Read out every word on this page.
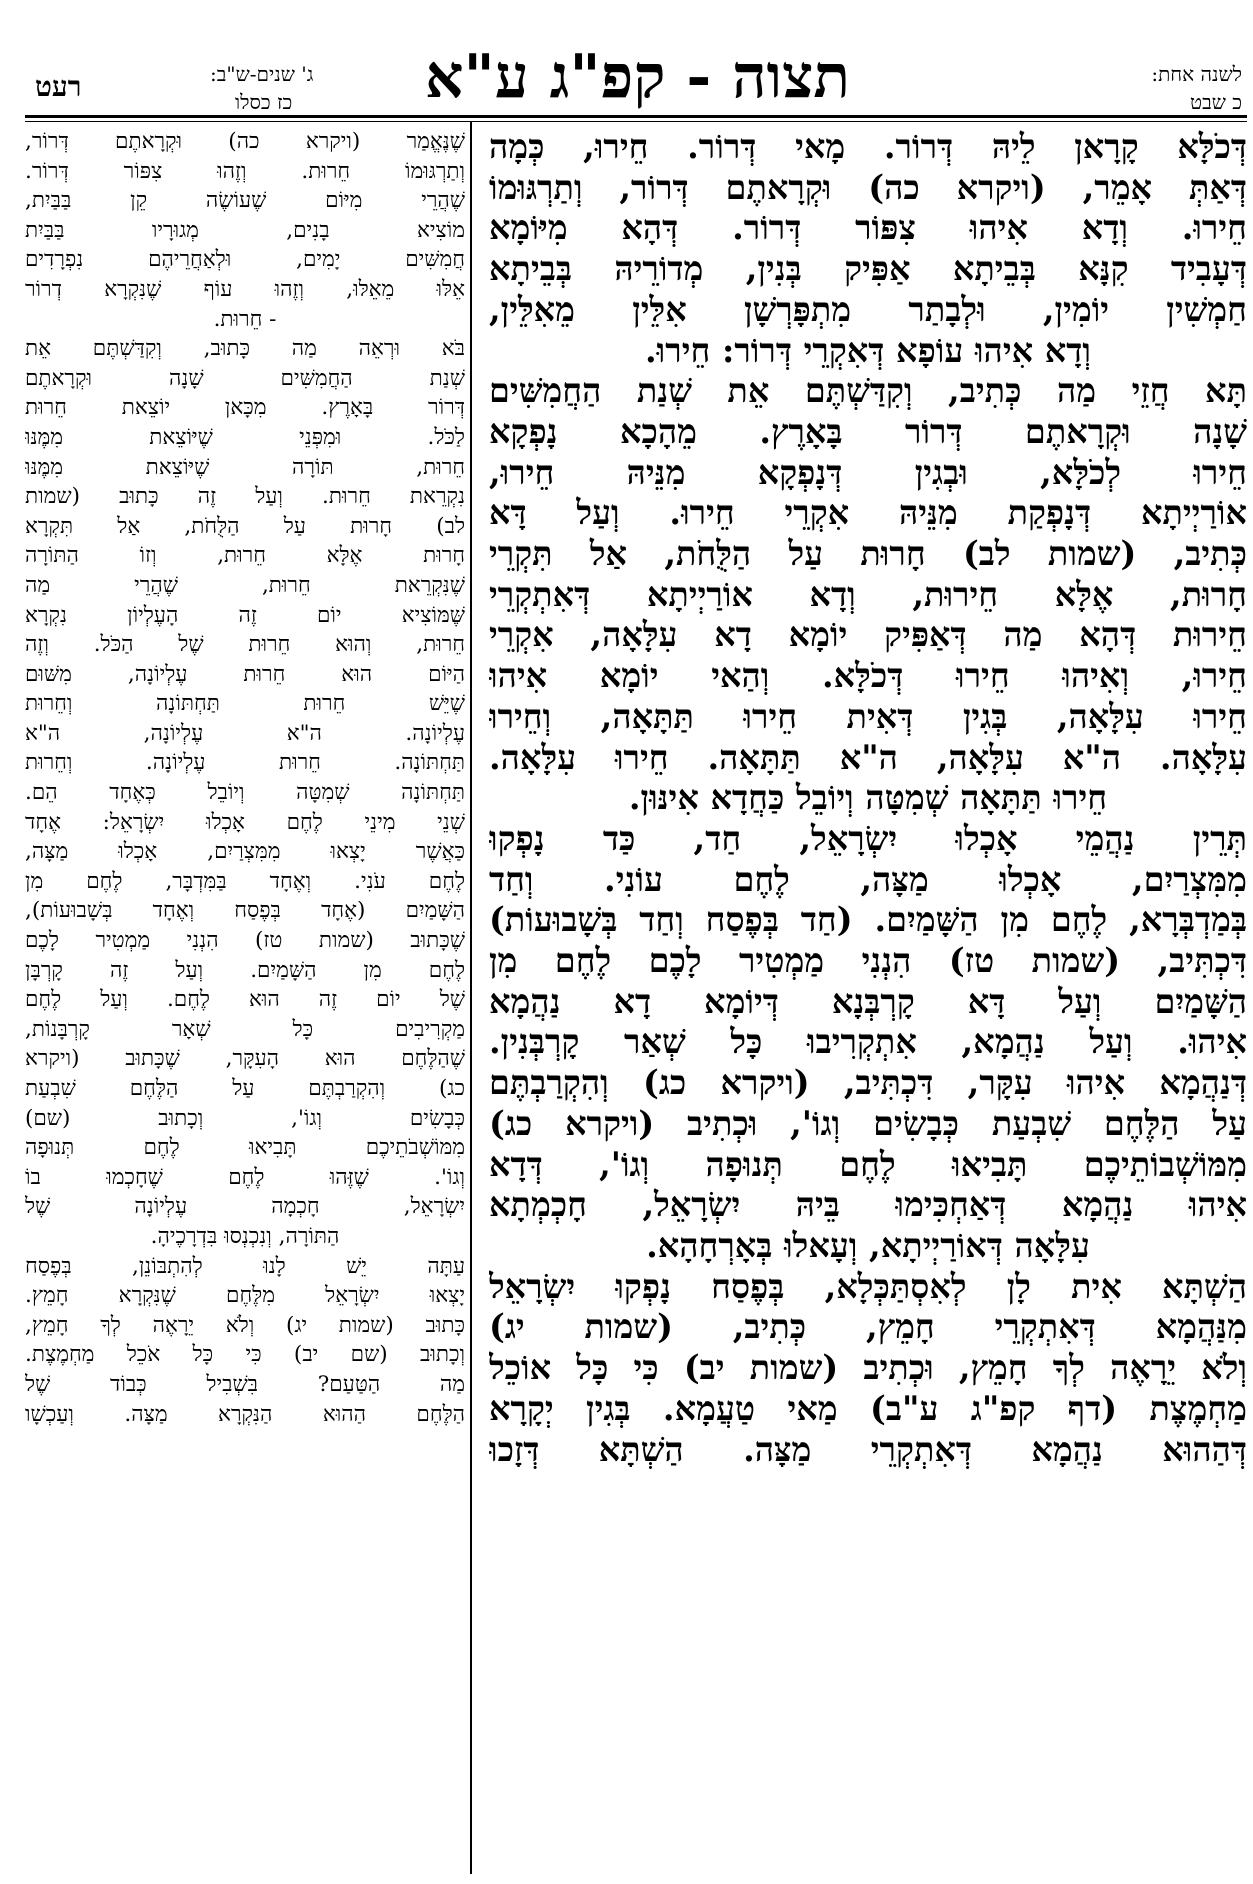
לשנה אחת:
כ שבט
תצוה - קפ"ג ע"א
ג' שנים-ש"ב:
כז כסלו
רעט
דְּכֹלָּא קָרָאן לֵיהּ דְּרוֹר. מָאי דְּרוֹר. חֵירוּ, כְּמָה
דְּאַתְּ אָמֵר, (ויקרא כה) וּקְרָאתֶם דְּרוֹר, וְתַרְגּוּמוֹ
חֵירוּ. וְדָא אִיהוּ צִפּוֹר דְּרוֹר. דְּהָא מִיּוֹמָא
דְּעָבִיד קִנָּא בְּבֵיתָא אַפִּיק בְּנִין, מְדוֹרֵיהּ בְּבֵיתָא
חַמְשִׁין יוֹמִין, וּלְבָתַר מִתְפָּרְשָׁן אִלֵּין מֵאִלֵּין,
וְדָא אִיהוּ עוֹפָא דְּאִקְרֵי דְּרוֹר: חֵירוּ.
תָּא חֲזֵי מַה כְּתִיב, וְקִדַּשְׁתֶּם אֵת שְׁנַת הַחֲמִשִּׁים
שָׁנָה וּקְרָאתֶם דְּרוֹר בָּאָרֶץ. מֵהָכָא נָפְקָא
חֵירוּ לְכֹלָּא, וּבְגִין דְּנָפְקָא מִנֵּיהּ חֵירוּ,
אוֹרַיְיתָא דְּנָפְקַת מִנֵּיהּ אִקְרֵי חֵירוּ. וְעַל דָּא
כְּתִיב, (שמות לב) חָרוּת עַל הַלֻּחֹת, אַל תִּקְרֵי
חָרוּת, אֶלָּא חֵירוּת, וְדָא אוֹרַיְיתָא דְּאִתְקְרֵי
חֵירוּת דְּהָא מַה דְּאַפִּיק יוֹמָא דָא עִלָּאָה, אִקְרֵי
חֵירוּ, וְאִיהוּ חֵירוּ דְּכֹלָּא. וְהַאי יוֹמָא אִיהוּ
חֵירוּ עִלָּאָה, בְּגִין דְּאִית חֵירוּ תַּתָּאָה, וְחֵירוּ
עִלָּאָה. ה"א עִלָּאָה, ה"א תַּתָּאָה. חֵירוּ עִלָּאָה.
חֵירוּ תַּתָּאָה שְׁמִטָּה וְיוֹבֵל כַּחֲדָא אִינּוּן.
תְּרֵין נַהֲמֵי אָכְלוּ יִשְׂרָאֵל, חַד, כַּד נָפְקוּ
מִמִּצְרַיִם, אָכְלוּ מַצָּה, לֶחֶם עוֹנִי. וְחַד
בְּמַדְבְּרָא, לֶחֶם מִן הַשָּׁמַיִם. (חַד בְּפֶסַח וְחַד בְּשָׁבוּעוֹת)
דִּכְתִּיב, (שמות טז) הִנְנִי מַמְטִיר לָכֶם לֶחֶם מִן
הַשָּׁמַיִם וְעַל דָּא קָרְבְּנָא דְּיוֹמָא דָא נַהֲמָא
אִיהוּ. וְעַל נַהֲמָא, אִתְקְרִיבוּ כָּל שְׁאַר קָרְבְּנִין.
דְּנַהֲמָא אִיהוּ עִקָּר, דִּכְתִּיב, (ויקרא כג) וְהִקְרַבְתֶּם
עַל הַלֶּחֶם שִׁבְעַת כְּבָשִׂים וְגוֹ', וּכְתִיב (ויקרא כג)
מִמּוֹשְׁבוֹתֵיכֶם תָּבִיאוּ לֶחֶם תְּנוּפָה וְגוֹ', דְּדָא
אִיהוּ נַהֲמָא דְּאַחְכִּימוּ בֵּיהּ יִשְׂרָאֵל, חָכְמְתָא
עִלָּאָה דְּאוֹרַיְיתָא, וְעָאלוּ בְּאָרְחָהָא.
הַשְׁתָּא אִית לָן לְאִסְתַּכְּלָא, בְּפֶסַח נָפְקוּ יִשְׂרָאֵל
מִנַּהֲמָא דְּאִתְקְרֵי חָמֵץ, כְּתִיב, (שמות יג)
וְלֹא יֵרָאֶה לְךָ חָמֵץ, וּכְתִיב (שמות יב) כִּי כָּל אוֹכֵל
מַחְמֶצֶת (דף קפ"ג ע"ב) מַאי טַעֲמָא. בְּגִין יְקָרָא
דְּהַהוּא נַהֲמָא דְּאִתְקְרֵי מַצָּה. הַשְׁתָּא דְּזָכוּ
שֶׁנֶּאֱמַר (ויקרא כה) וּקְרָאתֶם דְּרוֹר,
וְתַרְגּוּמוֹ חֵרוּת. וְזֶהוּ צִפּוֹר דְּרוֹר.
שֶׁהֲרֵי מִיּוֹם שֶׁעוֹשֶׂה קֵן בַּבַּיִת,
מוֹצִיא בָנִים, מְגוּרָיו בַּבַּיִת
חֲמִשִּׁים יָמִים, וּלְאַחֲרֵיהֶם נִפְרָדִים
אֵלּוּ מֵאֵלּוּ, וְזֶהוּ עוֹף שֶׁנִּקְרָא דְרוֹר
- חֵרוּת.
בֹּא וּרְאֵה מַה כָּתוּב, וְקִדַּשְׁתֶּם אֵת
שְׁנַת הַחֲמִשִּׁים שָׁנָה וּקְרָאתֶם
דְּרוֹר בָּאָרֶץ. מִכָּאן יוֹצֵאת חֵרוּת
לַכֹּל. וּמִפְּנֵי שֶׁיּוֹצֵאת מִמֶּנּוּ
חֵרוּת, תּוֹרָה שֶׁיּוֹצֵאת מִמֶּנּוּ
נִקְרֵאת חֵרוּת. וְעַל זֶה כָּתוּב (שמות
לב) חָרוּת עַל הַלֻּחֹת, אַל תִּקְרָא
חָרוּת אֶלָּא חֵרוּת, וְזוֹ הַתּוֹרָה
שֶׁנִּקְרֵאת חֵרוּת, שֶׁהֲרֵי מַה
שֶּׁמּוֹצִיא יוֹם זֶה הָעֶלְיוֹן נִקְרָא
חֵרוּת, וְהוּא חֵרוּת שֶׁל הַכֹּל. וְזֶה
הַיּוֹם הוּא חֵרוּת עֶלְיוֹנָה, מִשּׁוּם
שֶׁיֵּשׁ חֵרוּת תַּחְתּוֹנָה וְחֵרוּת
עֶלְיוֹנָה. ה"א עֶלְיוֹנָה, ה"א
תַּחְתּוֹנָה. חֵרוּת עֶלְיוֹנָה. וְחֵרוּת
תַּחְתּוֹנָה שְׁמִטָּה וְיוֹבֵל כְּאֶחָד הֵם.
שְׁנֵי מִינֵי לֶחֶם אָכְלוּ יִשְׂרָאֵל: אֶחָד
כַּאֲשֶׁר יָצְאוּ מִמִּצְרַיִם, אָכְלוּ מַצָּה,
לֶחֶם עֹנִי. וְאֶחָד בַּמִּדְבָּר, לֶחֶם מִן
הַשָּׁמַיִם (אֶחָד בְּפֶסַח וְאֶחָד בְּשָׁבוּעוֹת),
שֶׁכָּתוּב (שמות טז) הִנְנִי מַמְטִיר לָכֶם
לֶחֶם מִן הַשָּׁמַיִם. וְעַל זֶה קָרְבָּן
שֶׁל יוֹם זֶה הוּא לֶחֶם. וְעַל לֶחֶם
מַקְרִיבִים כָּל שְׁאָר קָרְבָּנוֹת,
שֶׁהַלֶּחֶם הוּא הָעִקָּר, שֶׁכָּתוּב (ויקרא
כג) וְהִקְרַבְתֶּם עַל הַלֶּחֶם שִׁבְעַת
כְּבָשִׂים וְגוֹ', וְכָתוּב (שם)
מִמּוֹשְׁבֹתֵיכֶם תָּבִיאוּ לֶחֶם תְּנוּפָה
וְגוֹ'. שֶׁזֶּהוּ לֶחֶם שֶׁחָכְמוּ בוֹ
יִשְׂרָאֵל, חָכְמָה עֶלְיוֹנָה שֶׁל
הַתּוֹרָה, וְנִכְנְסוּ בִּדְרָכֶיהָ.
עַתָּה יֵשׁ לָנוּ לְהִתְבּוֹנֵן, בְּפֶסַח
יָצְאוּ יִשְׂרָאֵל מִלֶּחֶם שֶׁנִּקְרָא חָמֵץ.
כָּתוּב (שמות יג) וְלֹא יֵרָאֶה לְךָ חָמֵץ,
וְכָתוּב (שם יב) כִּי כָּל אֹכֵל מַחְמֶצֶת.
מַה הַטַּעַם? בִּשְׁבִיל כְּבוֹד שֶׁל
הַלֶּחֶם הַהוּא הַנִּקְרָא מַצָּה. וְעַכְשָׁו
